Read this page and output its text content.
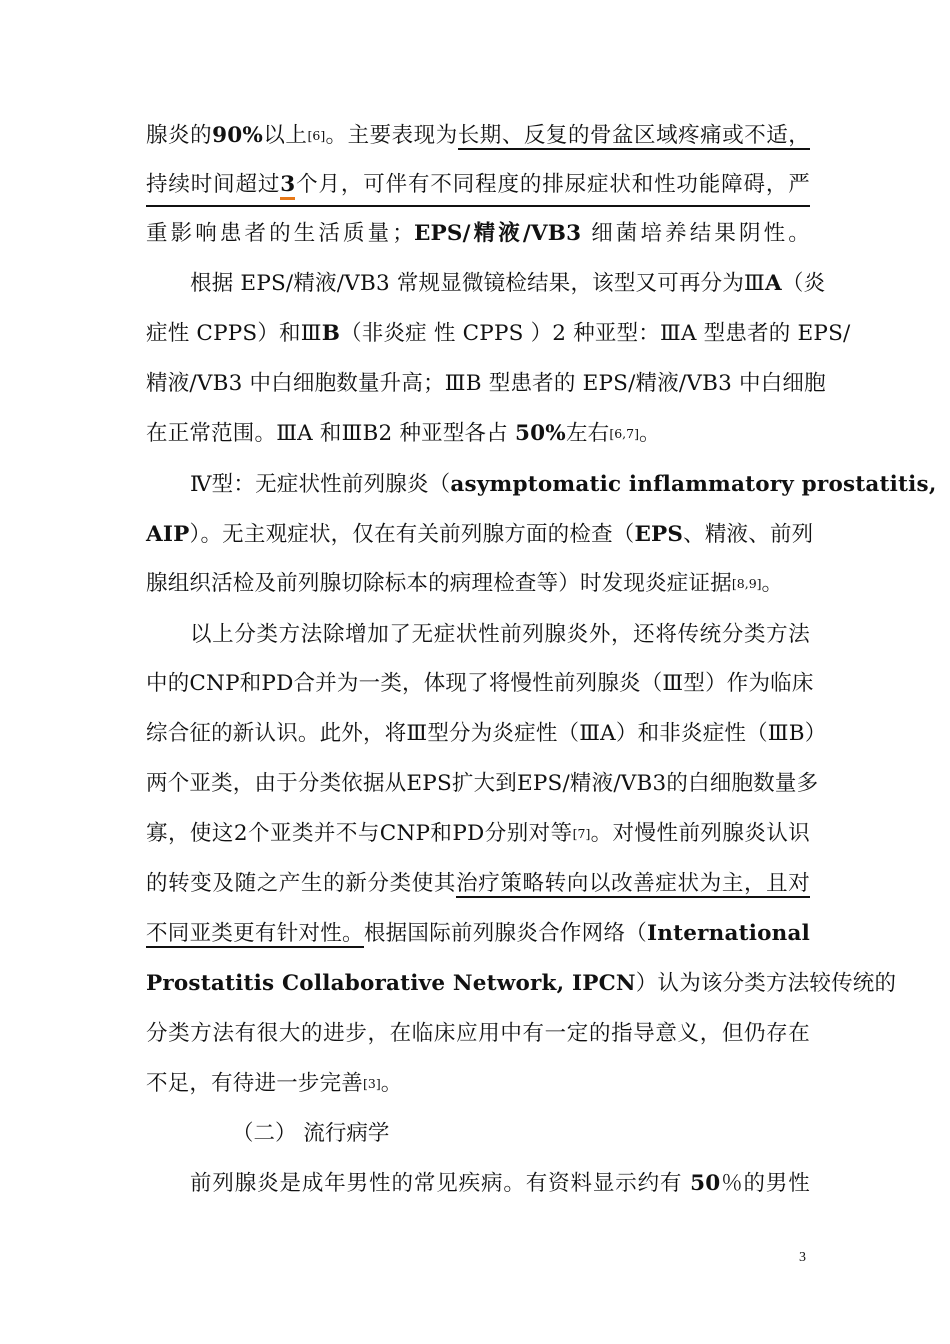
腺炎的90%以上[6]。主要表现为长期、反复的骨盆区域疼痛或不适，
持续时间超过3个月，可伴有不同程度的排尿症状和性功能障碍，严
重影响患者的生活质量；EPS/精液/VB3 细菌培养结果阴性。
根据 EPS/精液/VB3 常规显微镜检结果，该型又可再分为ⅢA（炎
症性 CPPS）和ⅢB（非炎症 性 CPPS ）2 种亚型：ⅢA 型患者的 EPS/
精液/VB3 中白细胞数量升高；ⅢB 型患者的 EPS/精液/VB3 中白细胞
在正常范围。ⅢA 和ⅢB2 种亚型各占 50%左右[6,7]。
Ⅳ型：无症状性前列腺炎（asymptomatic inflammatory prostatitis,
AIP）。无主观症状，仅在有关前列腺方面的检查（EPS、精液、前列
腺组织活检及前列腺切除标本的病理检查等）时发现炎症证据[8,9]。
以上分类方法除增加了无症状性前列腺炎外，还将传统分类方法
中的CNP和PD合并为一类，体现了将慢性前列腺炎（Ⅲ型）作为临床
综合征的新认识。此外，将Ⅲ型分为炎症性（ⅢA）和非炎症性（ⅢB）
两个亚类，由于分类依据从EPS扩大到EPS/精液/VB3的白细胞数量多
寡，使这2个亚类并不与CNP和PD分别对等[7]。对慢性前列腺炎认识
的转变及随之产生的新分类使其治疗策略转向以改善症状为主，且对
不同亚类更有针对性。根据国际前列腺炎合作网络（International
Prostatitis Collaborative Network, IPCN）认为该分类方法较传统的
分类方法有很大的进步，在临床应用中有一定的指导意义，但仍存在
不足，有待进一步完善[3]。
（二） 流行病学
前列腺炎是成年男性的常见疾病。有资料显示约有 50％的男性
3
